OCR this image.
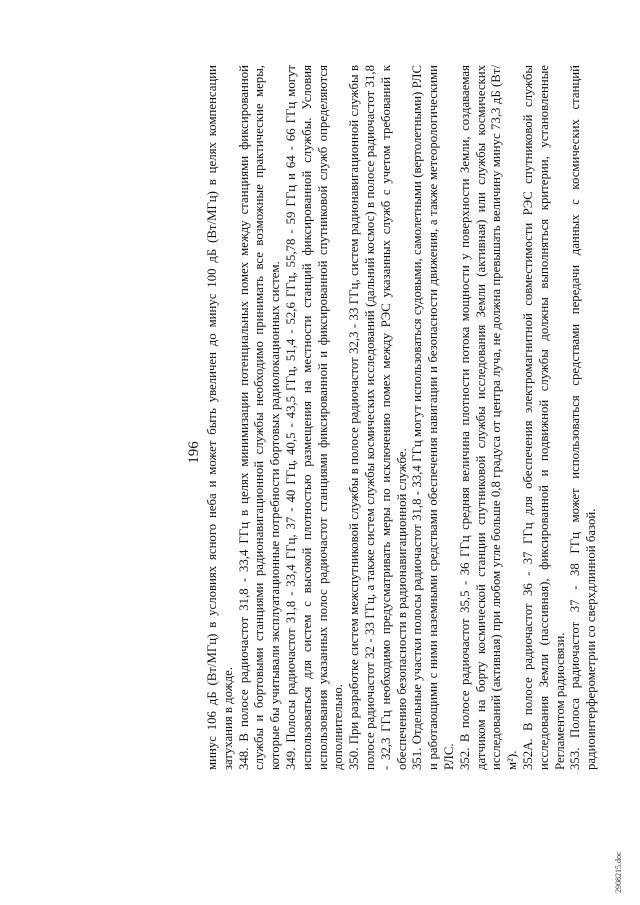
196 минус 106 дБ (Вт/МГц) в условиях ясного неба и может быть увеличен до минус 100 дБ (Вт/МГц) в целях компенсации затухания в дожде. 348. В полосе радиочастот 31,8 - 33,4 ГГц в целях минимизации потенциальных помех между станциями фиксированной службы и бортовыми станциями радионавигационной службы необходимо принимать все возможные практические меры, которые бы учитывали эксплуатационные потребности бортовых радиолокационных систем. 349. Полосы радиочастот 31,8 - 33,4 ГГц, 37 - 40 ГГц, 40,5 - 43,5 ГГц, 51,4 - 52,6 ГГц, 55,78 - 59 ГГц и 64 - 66 ГГц могут использоваться для систем с высокой плотностью размещения на местности станций фиксированной службы. Условия использования указанных полос радиочастот станциями фиксированной и фиксированной спутниковой служб определяются дополнительно. 350. При разработке систем межспутниковой службы в полосе радиочастот 32,3 - 33 ГГц, систем радионавигационной службы в полосе радиочастот 32 - 33 ГГц, а также систем службы космических исследований (дальний космос) в полосе радиочастот 31,8 - 32,3 ГГц необходимо предусматривать меры по исключению помех между РЭС указанных служб с учетом требований к обеспечению безопасности в радионавигационной службе. 351. Отдельные участки полосы радиочастот 31,8 - 33,4 ГГц могут использоваться судовыми, самолетными (вертолетными) РЛС и работающими с ними наземными средствами обеспечения навигации и безопасности движения, а также метеорологическими РЛС. 352. В полосе радиочастот 35,5 - 36 ГГц средняя величина плотности потока мощности у поверхности Земли, создаваемая датчиком на борту космической станции спутниковой службы исследования Земли (активная) или службы космических исследований (активная) при любом угле больше 0,8 градуса от центра луча, не должна превышать величину минус 73,3 дБ (Вт/м²). 352А. В полосе радиочастот 36 - 37 ГГц для обеспечения электромагнитной совместимости РЭС спутниковой службы исследования Земли (пассивная), фиксированной и подвижной службы должны выполняться критерии, установленные Регламентом радиосвязи. 353. Полоса радиочастот 37 - 38 ГГц может использоваться средствами передачи данных с космических станций радиоинтерферометрии со сверхдлинной базой.

2908215.doc
